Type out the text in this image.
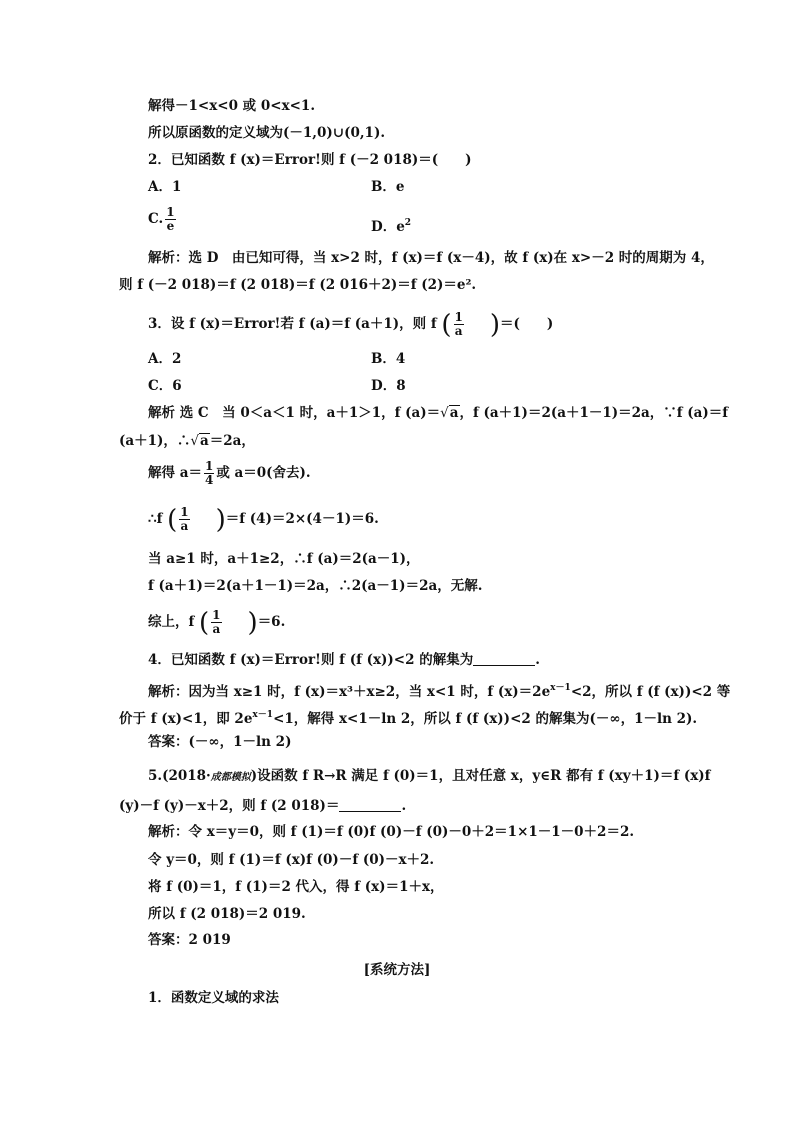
解得－1<x<0 或 0<x<1.
所以原函数的定义域为(－1,0)∪(0,1).
2．已知函数 f (x)＝Error!则 f (－2 018)＝(　　)
A．1	B．e
C. $\frac{1}{e}$	D．$e^2$
解析：选 D　由已知可得，当 x>2 时，f (x)＝f (x－4)，故 f (x)在 x>－2 时的周期为 4，
则 f (－2 018)＝f (2 018)＝f (2 016＋2)＝f (2)＝e².
3．设 f (x)＝Error!若 f (a)＝f (a＋1)，则 f ( $\frac{1}{a}$ )＝(　　)
A．2	B．4
C．6	D．8
解析 选 C　当 0＜a＜1 时，a＋1＞1，f (a)＝√a，f (a＋1)＝2(a＋1－1)＝2a，∵f (a)＝f
(a＋1)，∴√a＝2a，
解得 $a= \frac{1}{4}$ 或 a＝0(舍去).
∴f ( $\frac{1}{a} )=f$ (4)＝2×(4－1)＝6.
当 a≥1 时，a＋1≥2，∴f (a)＝2(a－1)，
f (a＋1)＝2(a＋1－1)＝2a，∴2(a－1)＝2a，无解.
综上，f ( $\frac{1}{a} )=6$.
4．已知函数 f (x)＝Error!则 f (f (x))<2 的解集为	.
解析：因为当 x≥1 时，f (x)＝x³＋x≥2，当 x<1 时，f $(x)=2e^{x-1}<2$，所以 f (f (x))<2 等
价于 f (x)<1，即 $2e^{x-1}<1$，解得 x<1－ln 2，所以 f (f (x))<2 的解集为(－∞，1－ln 2).
答案：(－∞，1－ln 2)
5.(2018·成都模拟)设函数 f R→R 满足 f (0)＝1，且对任意 x，y∈R 都有 f (xy＋1)＝f (x)f
(y)－f (y)－x＋2，则 f (2 018)＝	.
解析：令 x＝y＝0，则 f (1)＝f (0)f (0)－f (0)－0＋2＝1×1－1－0＋2＝2.
令 y＝0，则 f (1)＝f (x)f (0)－f (0)－x＋2.
将 f (0)＝1，f (1)＝2 代入，得 f (x)＝1＋x，
所以 f (2 018)＝2 019.
答案：2 019
[系统方法]
1．函数定义域的求法
